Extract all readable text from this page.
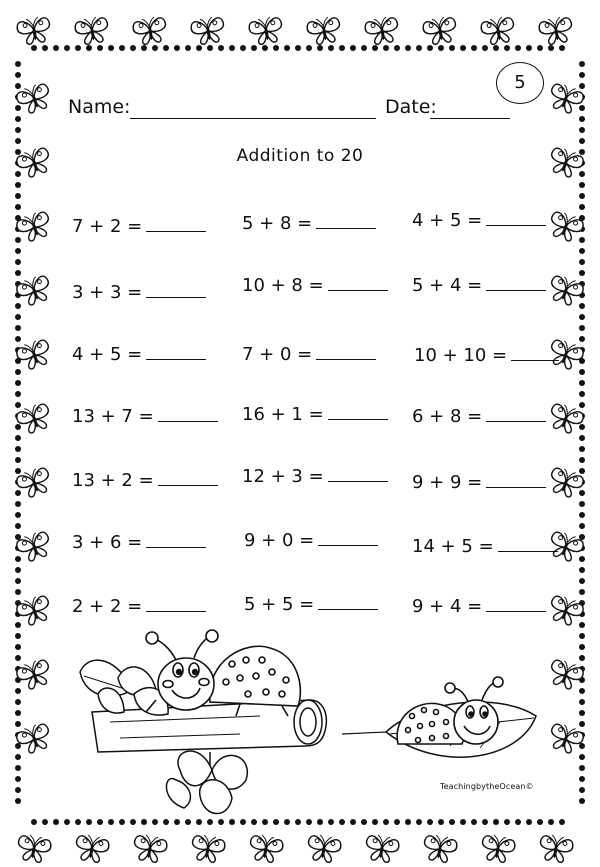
Name:	Date:
5
Addition to 20
7 + 2 =	5 + 8 =	4 + 5 =
3 + 3 =	10 + 8 =	5 + 4 =
4 + 5 =	7 + 0 =	10 + 10 =
13 + 7 =	16 + 1 =	6 + 8 =
13 + 2 =	12 + 3 =	9 + 9 =
3 + 6 =	9 + 0 =	14 + 5 =
2 + 2 =	5 + 5 =	9 + 4 =
TeachingbytheOcean©
